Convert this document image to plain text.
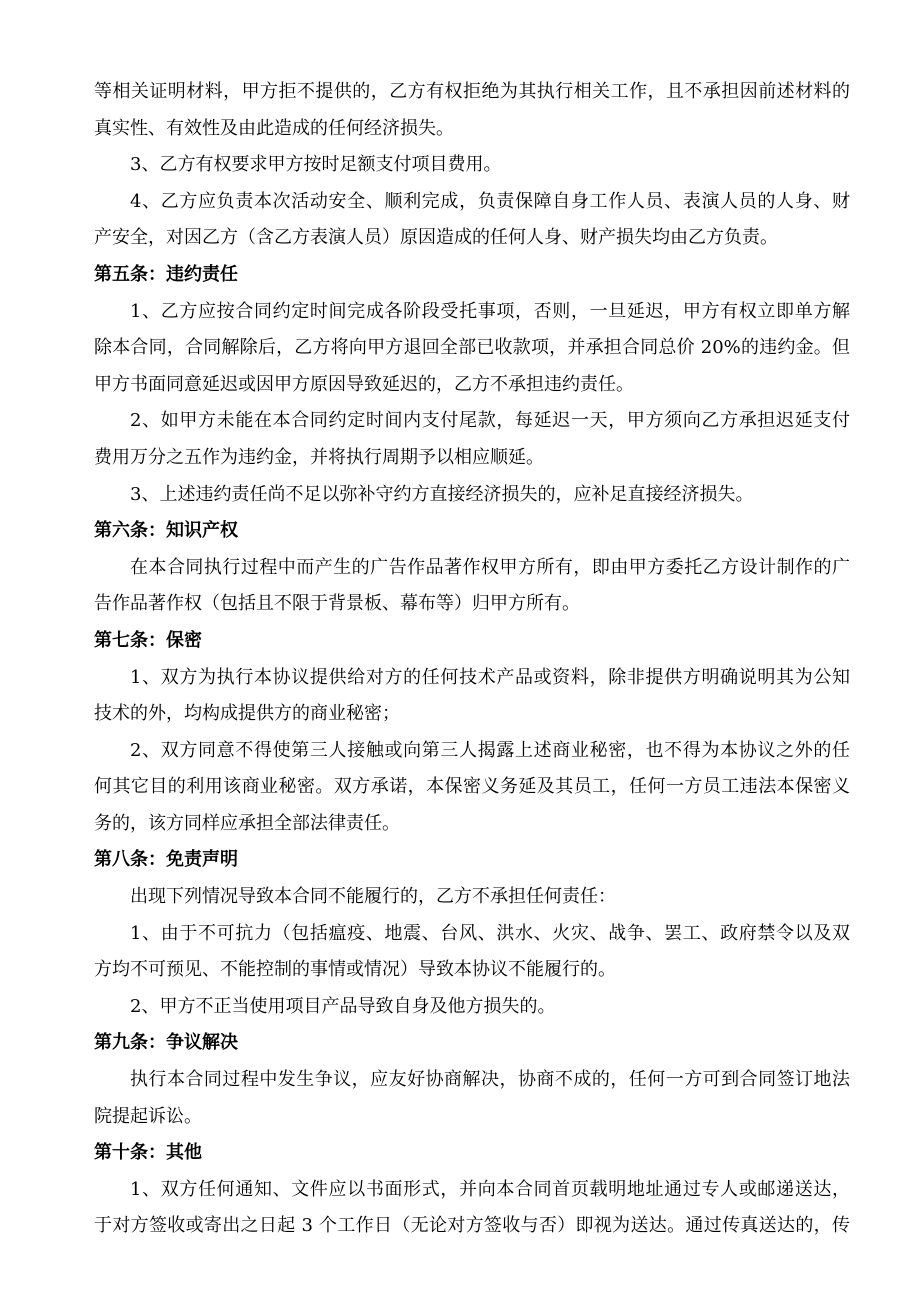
等相关证明材料，甲方拒不提供的，乙方有权拒绝为其执行相关工作，且不承担因前述材料的
真实性、有效性及由此造成的任何经济损失。
3、乙方有权要求甲方按时足额支付项目费用。
4、乙方应负责本次活动安全、顺利完成，负责保障自身工作人员、表演人员的人身、财
产安全，对因乙方（含乙方表演人员）原因造成的任何人身、财产损失均由乙方负责。
第五条：违约责任
1、乙方应按合同约定时间完成各阶段受托事项，否则，一旦延迟，甲方有权立即单方解
除本合同，合同解除后，乙方将向甲方退回全部已收款项，并承担合同总价 20%的违约金。但
甲方书面同意延迟或因甲方原因导致延迟的，乙方不承担违约责任。
2、如甲方未能在本合同约定时间内支付尾款，每延迟一天，甲方须向乙方承担迟延支付
费用万分之五作为违约金，并将执行周期予以相应顺延。
3、上述违约责任尚不足以弥补守约方直接经济损失的，应补足直接经济损失。
第六条：知识产权
在本合同执行过程中而产生的广告作品著作权甲方所有，即由甲方委托乙方设计制作的广
告作品著作权（包括且不限于背景板、幕布等）归甲方所有。
第七条：保密
1、双方为执行本协议提供给对方的任何技术产品或资料，除非提供方明确说明其为公知
技术的外，均构成提供方的商业秘密；
2、双方同意不得使第三人接触或向第三人揭露上述商业秘密，也不得为本协议之外的任
何其它目的利用该商业秘密。双方承诺，本保密义务延及其员工，任何一方员工违法本保密义
务的，该方同样应承担全部法律责任。
第八条：免责声明
出现下列情况导致本合同不能履行的，乙方不承担任何责任：
1、由于不可抗力（包括瘟疫、地震、台风、洪水、火灾、战争、罢工、政府禁令以及双
方均不可预见、不能控制的事情或情况）导致本协议不能履行的。
2、甲方不正当使用项目产品导致自身及他方损失的。
第九条：争议解决
执行本合同过程中发生争议，应友好协商解决，协商不成的，任何一方可到合同签订地法
院提起诉讼。
第十条：其他
1、双方任何通知、文件应以书面形式，并向本合同首页载明地址通过专人或邮递送达，
于对方签收或寄出之日起 3 个工作日（无论对方签收与否）即视为送达。通过传真送达的，传
